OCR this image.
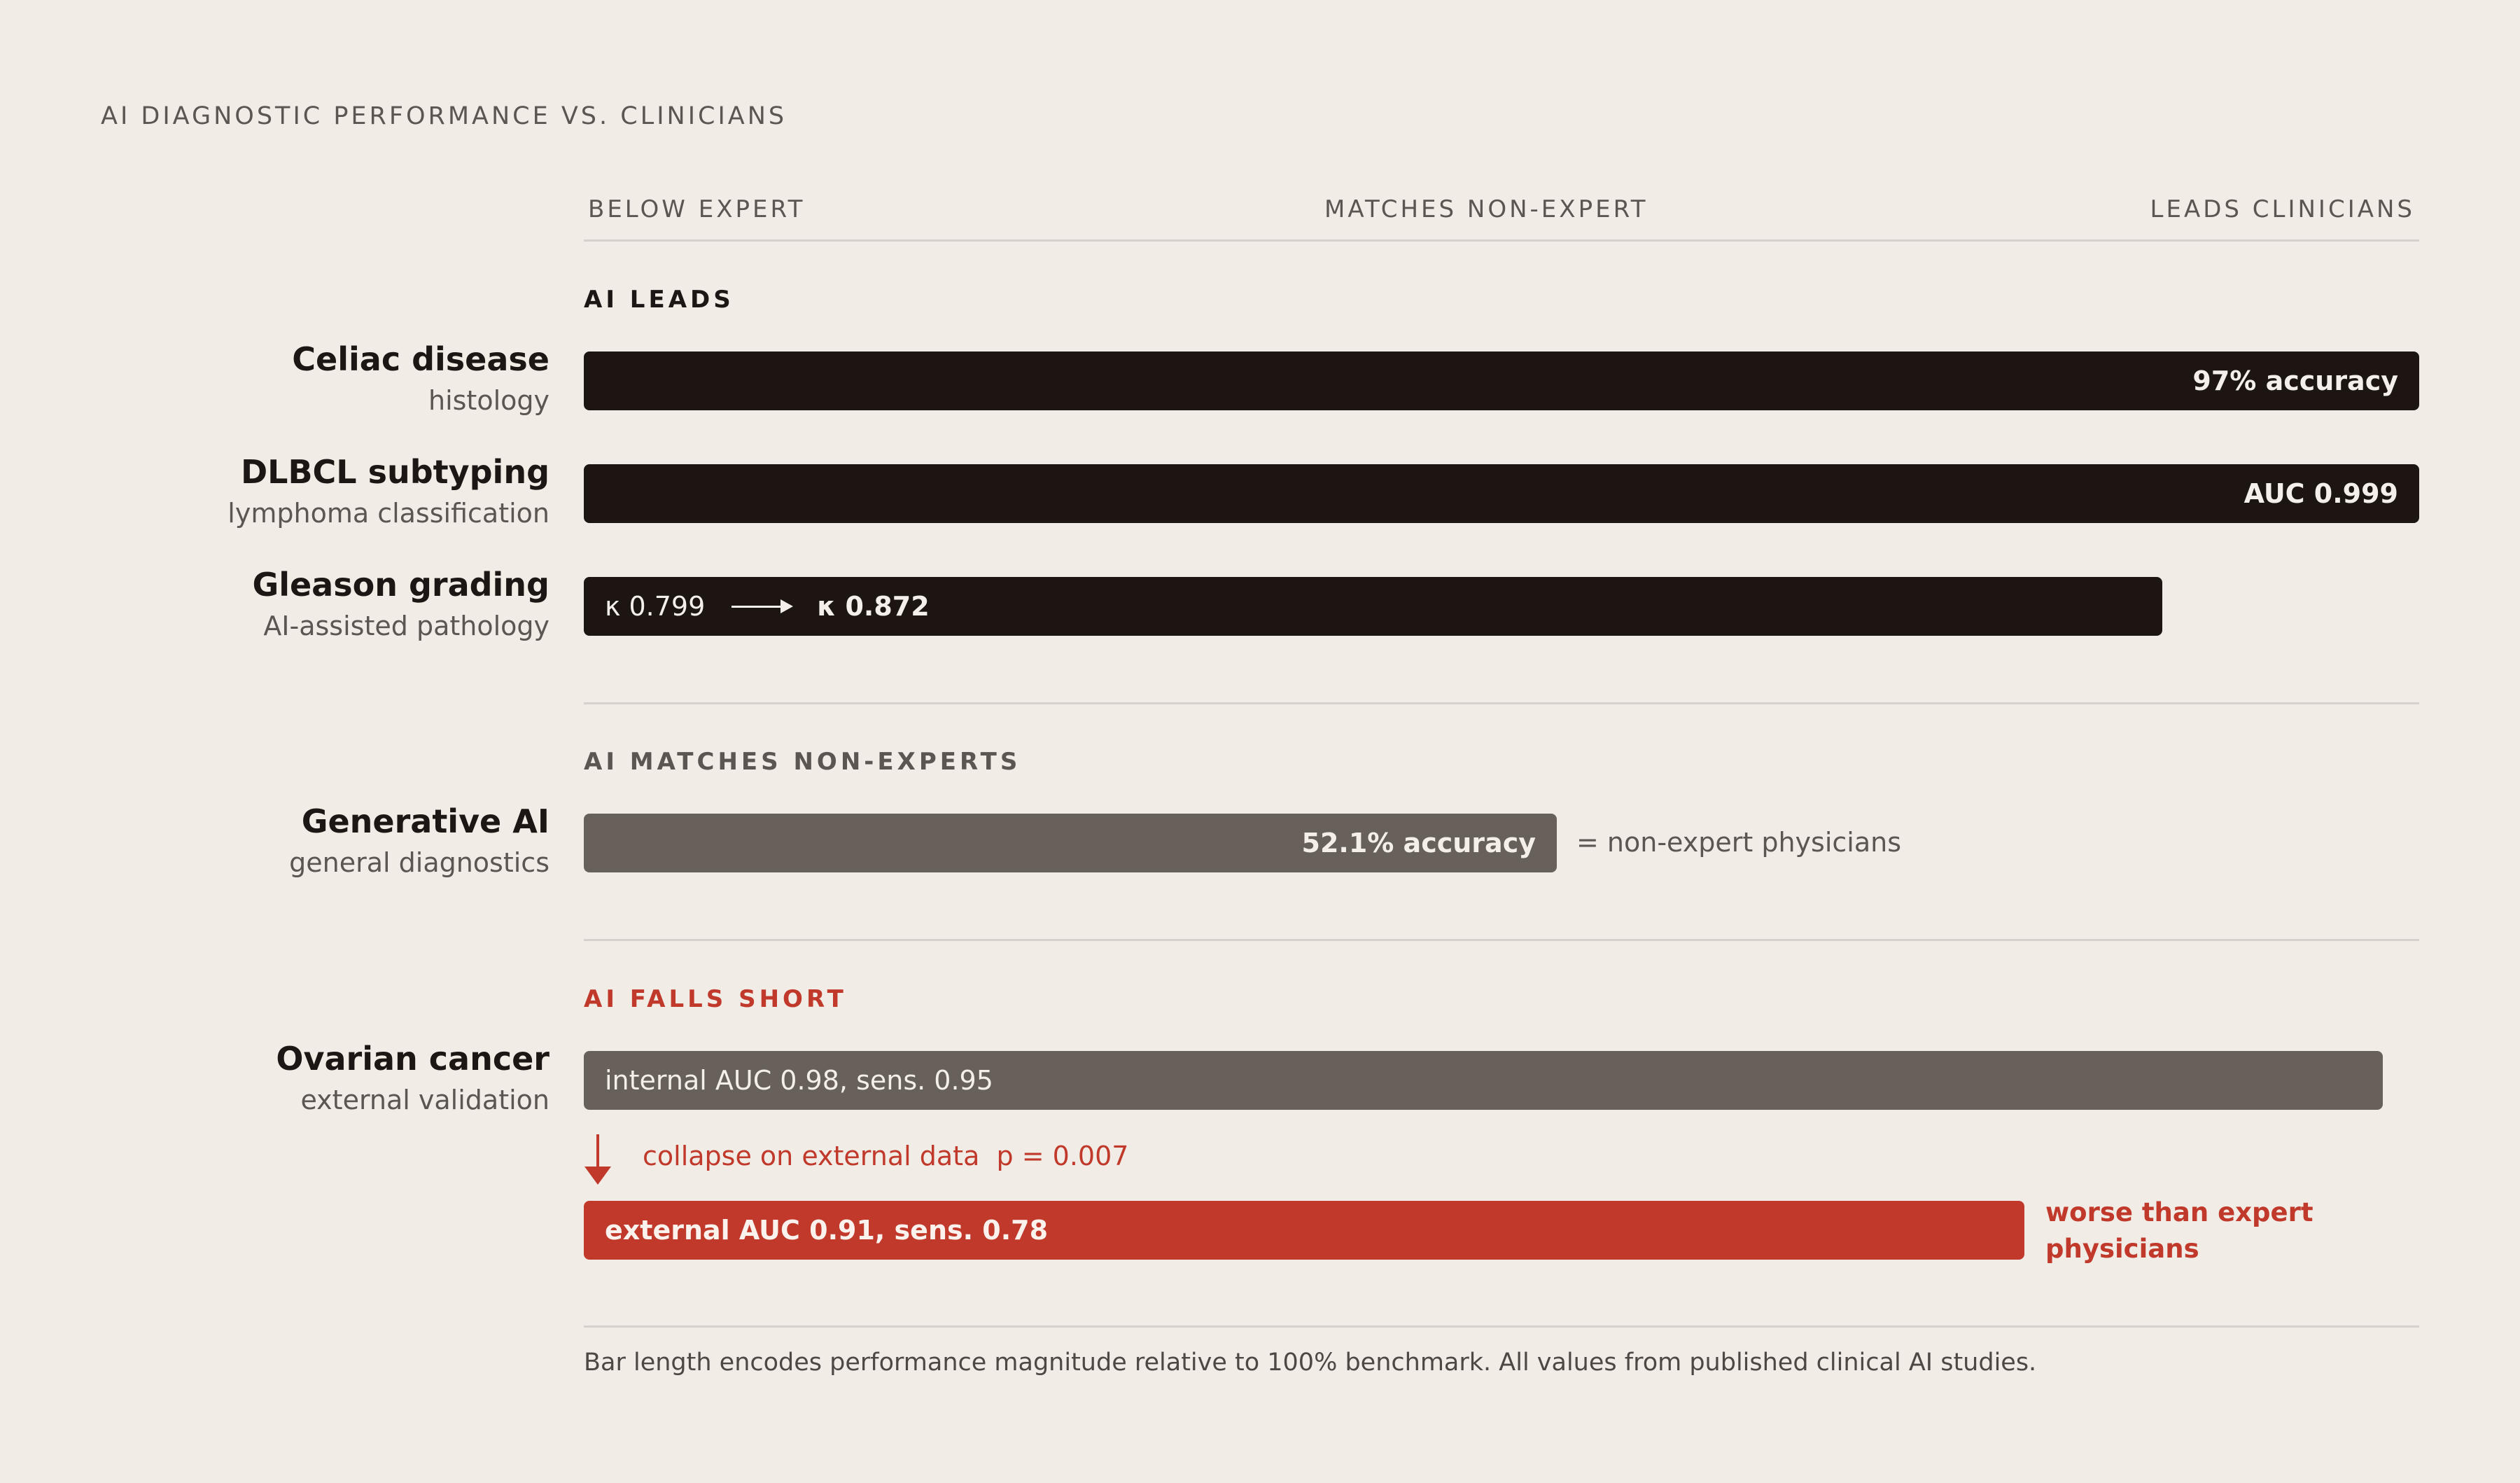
AI DIAGNOSTIC PERFORMANCE VS. CLINICIANS
BELOW EXPERT	MATCHES NON-EXPERT	LEADS CLINICIANS
AI LEADS
Celiac disease
histology
97% accuracy
DLBCL subtyping
lymphoma classification
AUC 0.999
Gleason grading
AI-assisted pathology
κ 0.799	κ 0.872
AI MATCHES NON-EXPERTS
Generative AI
general diagnostics
52.1% accuracy = non-expert physicians
AI FALLS SHORT
Ovarian cancer
external validation
internal AUC 0.98, sens. 0.95
collapse on external data  p = 0.007
external AUC 0.91, sens. 0.78
worse than expert
physicians
Bar length encodes performance magnitude relative to 100% benchmark. All values from published clinical AI studies.
